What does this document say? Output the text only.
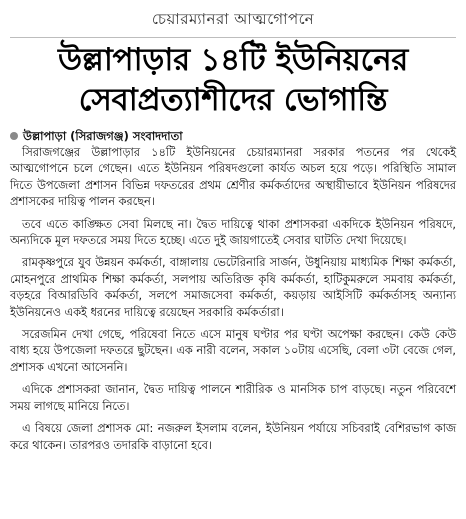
চেয়ারম্যানরা আত্মগোপনে
উল্লাপাড়ার ১৪টি ইউনিয়নের
সেবাপ্রত্যাশীদের ভোগান্তি
উল্লাপাড়া (সিরাজগঞ্জ) সংবাদদাতা

সিরাজগঞ্জের উল্লাপাড়ার ১৪টি ইউনিয়নের চেয়ারম্যানরা সরকার পতনের পর থেকেই আত্মগোপনে চলে গেছেন। এতে ইউনিয়ন পরিষদগুলো কার্যত অচল হয়ে পড়ে। পরিস্থিতি সামাল দিতে উপজেলা প্রশাসন বিভিন্ন দফতরের প্রথম শ্রেণীর কর্মকর্তাদের অস্থায়ীভাবে ইউনিয়ন পরিষদের প্রশাসকের দায়িত্ব পালন করছেন।

তবে এতে কাঙ্ক্ষিত সেবা মিলছে না। দ্বৈত দায়িত্বে থাকা প্রশাসকরা একদিকে ইউনিয়ন পরিষদে, অন্যদিকে মূল দফতরে সময় দিতে হচ্ছে। এতে দুই জায়গাতেই সেবার ঘাটতি দেখা দিয়েছে।

রামকৃষ্ণপুরে যুব উন্নয়ন কর্মকর্তা, বাঙ্গালায় ভেটেরিনারি সার্জন, উধুনিয়ায় মাধ্যমিক শিক্ষা কর্মকর্তা, মোহনপুরে প্রাথমিক শিক্ষা কর্মকর্তা, সলপায় অতিরিক্ত কৃষি কর্মকর্তা, হাটিকুমরুলে সমবায় কর্মকর্তা, বড়হরে বিআরডিবি কর্মকর্তা, সলপে সমাজসেবা কর্মকর্তা, কয়ড়ায় আইসিটি কর্মকর্তাসহ অন্যান্য ইউনিয়নেও একই ধরনের দায়িত্বে রয়েছেন সরকারি কর্মকর্তারা।

সরেজমিন দেখা গেছে, পরিষেবা নিতে এসে মানুষ ঘণ্টার পর ঘণ্টা অপেক্ষা করছেন। কেউ কেউ বাধ্য হয়ে উপজেলা দফতরে ছুটছেন। এক নারী বলেন, সকাল ১০টায় এসেছি, বেলা ৩টা বেজে গেল, প্রশাসক এখনো আসেননি।

এদিকে প্রশাসকরা জানান, দ্বৈত দায়িত্ব পালনে শারীরিক ও মানসিক চাপ বাড়ছে। নতুন পরিবেশে সময় লাগছে মানিয়ে নিতে।

এ বিষয়ে জেলা প্রশাসক মো: নজরুল ইসলাম বলেন, ইউনিয়ন পর্যায়ে সচিবরাই বেশিরভাগ কাজ করে থাকেন। তারপরও তদারকি বাড়ানো হবে।
